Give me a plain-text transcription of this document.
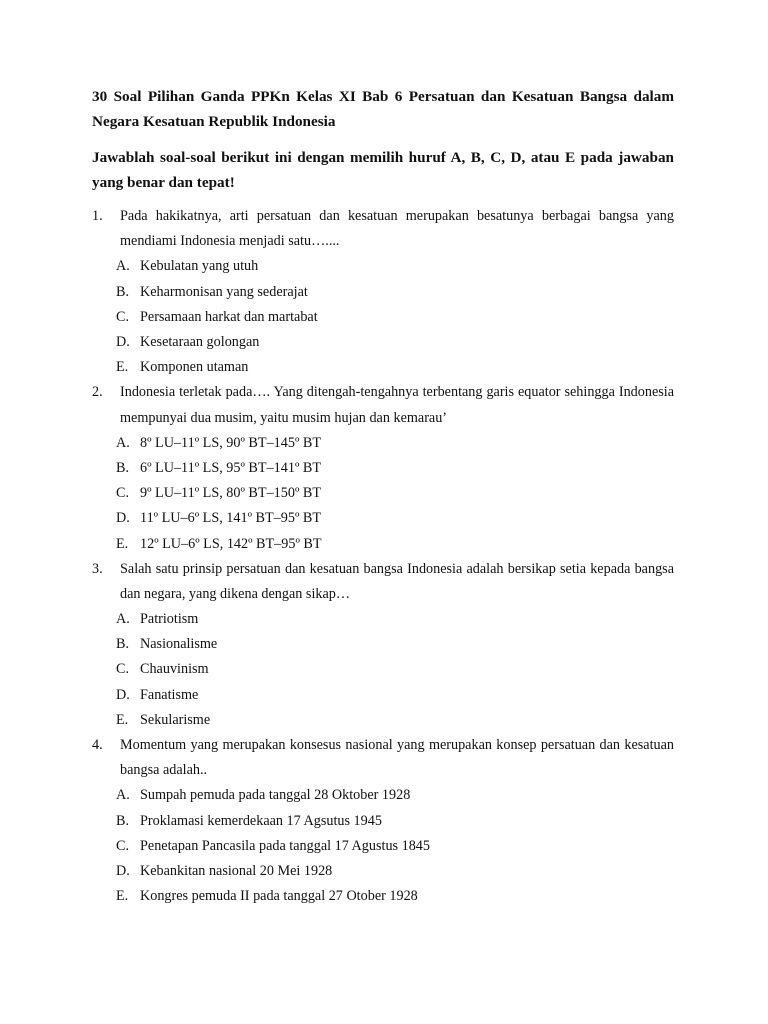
30 Soal Pilihan Ganda PPKn Kelas XI Bab 6 Persatuan dan Kesatuan Bangsa dalam Negara Kesatuan Republik Indonesia

Jawablah soal-soal berikut ini dengan memilih huruf A, B, C, D, atau E pada jawaban yang benar dan tepat!

1. Pada hakikatnya, arti persatuan dan kesatuan merupakan besatunya berbagai bangsa yang mendiami Indonesia menjadi satu…....
A. Kebulatan yang utuh
B. Keharmonisan yang sederajat
C. Persamaan harkat dan martabat
D. Kesetaraan golongan
E. Komponen utaman
2. Indonesia terletak pada…. Yang ditengah-tengahnya terbentang garis equator sehingga Indonesia mempunyai dua musim, yaitu musim hujan dan kemarau’
A. 8º LU–11º LS, 90º BT–145º BT
B. 6º LU–11º LS, 95º BT–141º BT
C. 9º LU–11º LS, 80º BT–150º BT
D. 11º LU–6º LS, 141º BT–95º BT
E. 12º LU–6º LS, 142º BT–95º BT
3. Salah satu prinsip persatuan dan kesatuan bangsa Indonesia adalah bersikap setia kepada bangsa dan negara, yang dikena dengan sikap…
A. Patriotism
B. Nasionalisme
C. Chauvinism
D. Fanatisme
E. Sekularisme
4. Momentum yang merupakan konsesus nasional yang merupakan konsep persatuan dan kesatuan bangsa adalah..
A. Sumpah pemuda pada tanggal 28 Oktober 1928
B. Proklamasi kemerdekaan 17 Agsutus 1945
C. Penetapan Pancasila pada tanggal 17 Agustus 1845
D. Kebankitan nasional 20 Mei 1928
E. Kongres pemuda II pada tanggal 27 Otober 1928
